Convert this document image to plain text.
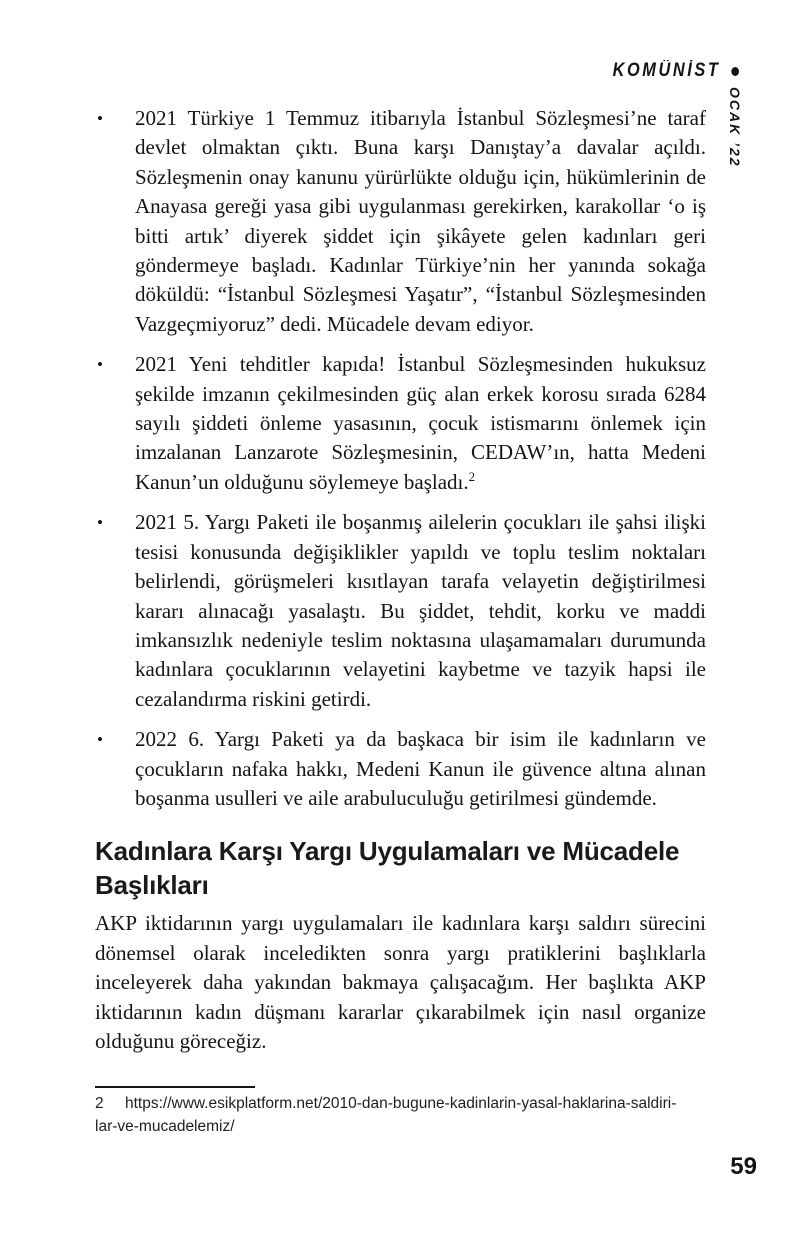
KOMÜNİST
OCAK ’22
•	2021 Türkiye 1 Temmuz itibarıyla İstanbul Sözleşmesi’ne taraf devlet olmaktan çıktı. Buna karşı Danıştay’a davalar açıldı. Sözleşmenin onay kanunu yürürlükte olduğu için, hükümlerinin de Anayasa gereği yasa gibi uygulanması gerekirken, karakollar ‘o iş bitti artık’ diyerek şiddet için şikâyete gelen kadınları geri göndermeye başladı. Kadınlar Türkiye’nin her yanında sokağa döküldü: “İstanbul Sözleşmesi Yaşatır”, “İstanbul Sözleşmesinden Vazgeçmiyoruz” dedi. Mücadele devam ediyor.

•	2021 Yeni tehditler kapıda! İstanbul Sözleşmesinden hukuksuz şekilde imzanın çekilmesinden güç alan erkek korosu sırada 6284 sayılı şiddeti önleme yasasının, çocuk istismarını önlemek için imzalanan Lanzarote Sözleşmesinin, CEDAW’ın, hatta Medeni Kanun’un olduğunu söylemeye başladı.$^2$

•	2021 5. Yargı Paketi ile boşanmış ailelerin çocukları ile şahsi ilişki tesisi konusunda değişiklikler yapıldı ve toplu teslim noktaları belirlendi, görüşmeleri kısıtlayan tarafa velayetin değiştirilmesi kararı alınacağı yasalaştı. Bu şiddet, tehdit, korku ve maddi imkansızlık nedeniyle teslim noktasına ulaşamamaları durumunda kadınlara çocuklarının velayetini kaybetme ve tazyik hapsi ile cezalandırma riskini getirdi.

•	2022 6. Yargı Paketi ya da başkaca bir isim ile kadınların ve çocukların nafaka hakkı, Medeni Kanun ile güvence altına alınan boşanma usulleri ve aile arabuluculuğu getirilmesi gündemde.

Kadınlara Karşı Yargı Uygulamaları ve Mücadele Başlıkları

AKP iktidarının yargı uygulamaları ile kadınlara karşı saldırı sürecini dönemsel olarak inceledikten sonra yargı pratiklerini başlıklarla inceleyerek daha yakından bakmaya çalışacağım. Her başlıkta AKP iktidarının kadın düşmanı kararlar çıkarabilmek için nasıl organize olduğunu göreceğiz.

2	https://www.esikplatform.net/2010-dan-bugune-kadinlarin-yasal-haklarina-saldiri-
lar-ve-mucadelemiz/
59
